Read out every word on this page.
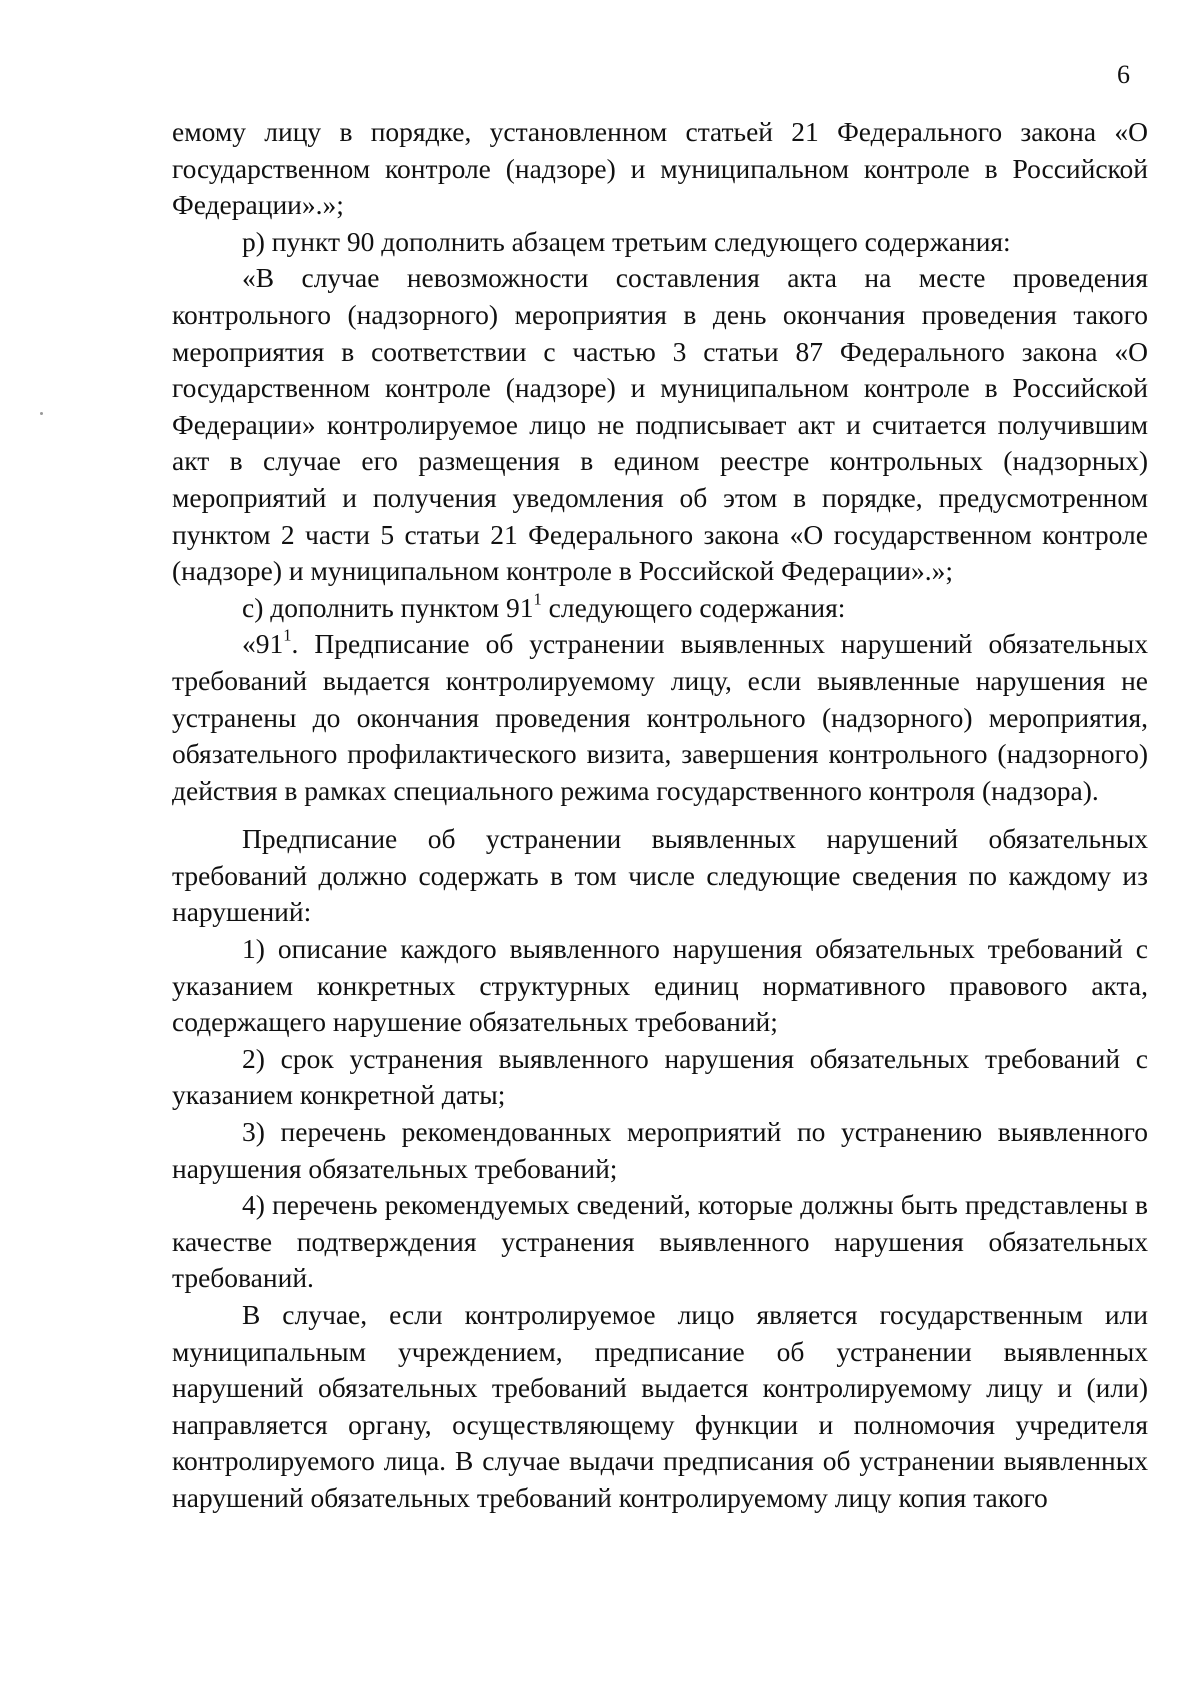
6

емому лицу в порядке, установленном статьей 21 Федерального закона «О государственном контроле (надзоре) и муниципальном контроле в Российской Федерации».»;

р) пункт 90 дополнить абзацем третьим следующего содержания:

«В случае невозможности составления акта на месте проведения контрольного (надзорного) мероприятия в день окончания проведения такого мероприятия в соответствии с частью 3 статьи 87 Федерального закона «О государственном контроле (надзоре) и муниципальном контроле в Российской Федерации» контролируемое лицо не подписывает акт и считается получившим акт в случае его размещения в едином реестре контрольных (надзорных) мероприятий и получения уведомления об этом в порядке, предусмотренном пунктом 2 части 5 статьи 21 Федерального закона «О государственном контроле (надзоре) и муниципальном контроле в Российской Федерации».»;

с) дополнить пунктом $91^1$ следующего содержания:

«$91^1$. Предписание об устранении выявленных нарушений обязательных требований выдается контролируемому лицу, если выявленные нарушения не устранены до окончания проведения контрольного (надзорного) мероприятия, обязательного профилактического визита, завершения контрольного (надзорного) действия в рамках специального режима государственного контроля (надзора).

Предписание об устранении выявленных нарушений обязательных требований должно содержать в том числе следующие сведения по каждому из нарушений:

1) описание каждого выявленного нарушения обязательных требований с указанием конкретных структурных единиц нормативного правового акта, содержащего нарушение обязательных требований;

2) срок устранения выявленного нарушения обязательных требований с указанием конкретной даты;

3) перечень рекомендованных мероприятий по устранению выявленного нарушения обязательных требований;

4) перечень рекомендуемых сведений, которые должны быть представлены в качестве подтверждения устранения выявленного нарушения обязательных требований.

В случае, если контролируемое лицо является государственным или муниципальным учреждением, предписание об устранении выявленных нарушений обязательных требований выдается контролируемому лицу и (или) направляется органу, осуществляющему функции и полномочия учредителя контролируемого лица. В случае выдачи предписания об устранении выявленных нарушений обязательных требований контролируемому лицу копия такого
